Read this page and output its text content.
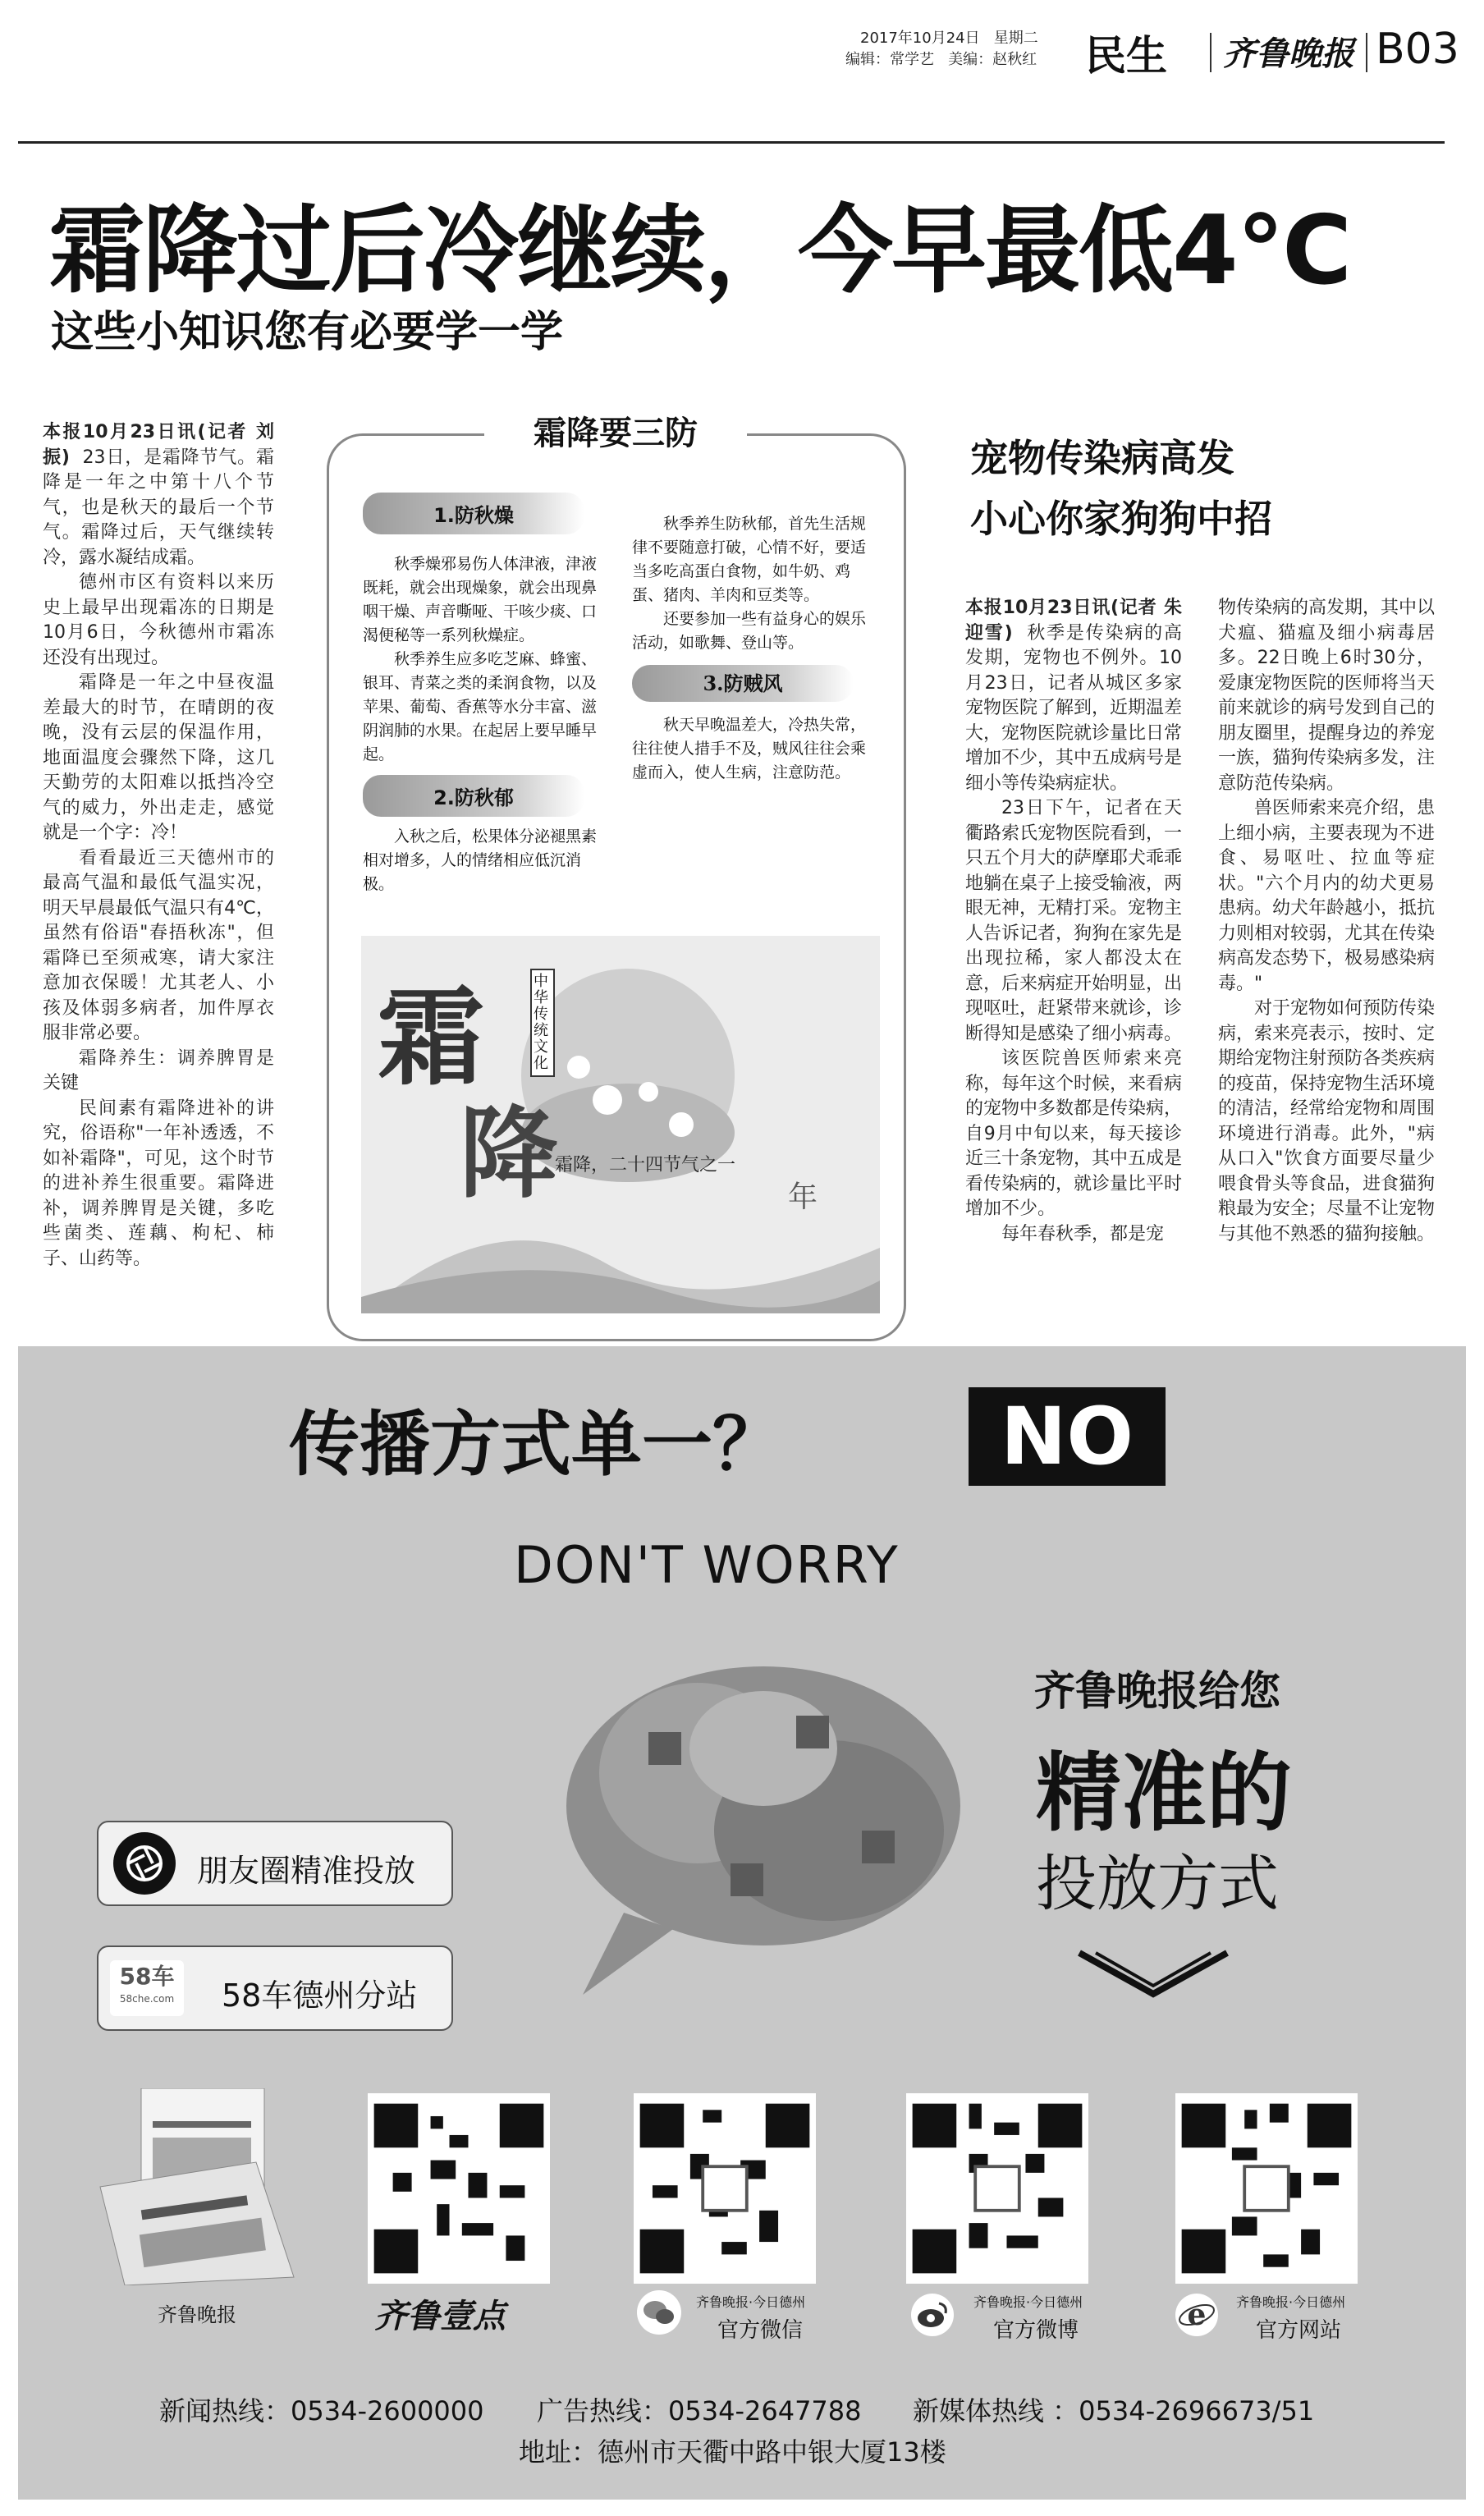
2017年10月24日 星期二
编辑：常学艺 美编：赵秋红 民生 齐鲁晚报 B03
霜降过后冷继续，今早最低4℃
这些小知识您有必要学一学

本报10月23日讯(记者 刘振) 23日，是霜降节气。霜降是一年之中第十八个节气，也是秋天的最后一个节气。霜降过后，天气继续转冷，露水凝结成霜。

德州市区有资料以来历史上最早出现霜冻的日期是10月6日，今秋德州市霜冻还没有出现过。

霜降是一年之中昼夜温差最大的时节，在晴朗的夜晚，没有云层的保温作用，地面温度会骤然下降，这几天勤劳的太阳难以抵挡冷空气的威力，外出走走，感觉就是一个字：冷！

看看最近三天德州市的最高气温和最低气温实况，明天早晨最低气温只有4℃，虽然有俗语"春捂秋冻"，但霜降已至须戒寒，请大家注意加衣保暖！尤其老人、小孩及体弱多病者，加件厚衣服非常必要。

霜降养生：调养脾胃是关键

民间素有霜降进补的讲究，俗语称"一年补透透，不如补霜降"，可见，这个时节的进补养生很重要。霜降进补，调养脾胃是关键，多吃些菌类、莲藕、枸杞、柿子、山药等。

霜降要三防
1.防秋燥

秋季燥邪易伤人体津液，津液既耗，就会出现燥象，就会出现鼻咽干燥、声音嘶哑、干咳少痰、口渴便秘等一系列秋燥症。

秋季养生应多吃芝麻、蜂蜜、银耳、青菜之类的柔润食物，以及苹果、葡萄、香蕉等水分丰富、滋阴润肺的水果。在起居上要早睡早起。

2.防秋郁

入秋之后，松果体分泌褪黑素相对增多，人的情绪相应低沉消极。

秋季养生防秋郁，首先生活规律不要随意打破，心情不好，要适当多吃高蛋白食物，如牛奶、鸡蛋、猪肉、羊肉和豆类等。

还要参加一些有益身心的娱乐活动，如歌舞、登山等。

3.防贼风

秋天早晚温差大，冷热失常，往往使人措手不及，贼风往往会乘虚而入，使人生病，注意防范。

霜
降
中华传统文化
霜降，二十四节气之一
年
宠物传染病高发
小心你家狗狗中招

本报10月23日讯(记者 朱迎雪) 秋季是传染病的高发期，宠物也不例外。10月23日，记者从城区多家宠物医院了解到，近期温差大，宠物医院就诊量比日常增加不少，其中五成病号是细小等传染病症状。

23日下午，记者在天衢路索氏宠物医院看到，一只五个月大的萨摩耶犬乖乖地躺在桌子上接受输液，两眼无神，无精打采。宠物主人告诉记者，狗狗在家先是出现拉稀，家人都没太在意，后来病症开始明显，出现呕吐，赶紧带来就诊，诊断得知是感染了细小病毒。

该医院兽医师索来亮称，每年这个时候，来看病的宠物中多数都是传染病，自9月中旬以来，每天接诊近三十条宠物，其中五成是看传染病的，就诊量比平时增加不少。

每年春秋季，都是宠

物传染病的高发期，其中以犬瘟、猫瘟及细小病毒居多。22日晚上6时30分，爱康宠物医院的医师将当天前来就诊的病号发到自己的朋友圈里，提醒身边的养宠一族，猫狗传染病多发，注意防范传染病。

兽医师索来亮介绍，患上细小病，主要表现为不进食、易呕吐、拉血等症状。"六个月内的幼犬更易患病。幼犬年龄越小，抵抗力则相对较弱，尤其在传染病高发态势下，极易感染病毒。"

对于宠物如何预防传染病，索来亮表示，按时、定期给宠物注射预防各类疾病的疫苗，保持宠物生活环境的清洁，经常给宠物和周围环境进行消毒。此外，"病从口入"饮食方面要尽量少喂食骨头等食品，进食猫狗粮最为安全；尽量不让宠物与其他不熟悉的猫狗接触。

传播方式单一？	NO
DON'T WORRY
齐鲁晚报给您
精准的
投放方式
朋友圈精准投放
58车
58che.com	58车德州分站
齐鲁晚报	齐鲁壹点	齐鲁晚报·今日德州
官方微信
齐鲁晚报·今日德州
官方微博	e 齐鲁晚报·今日德州
官方网站
新闻热线：0534-2600000 广告热线：0534-2647788 新媒体热线 ：0534-2696673/51
地址：德州市天衢中路中银大厦13楼
